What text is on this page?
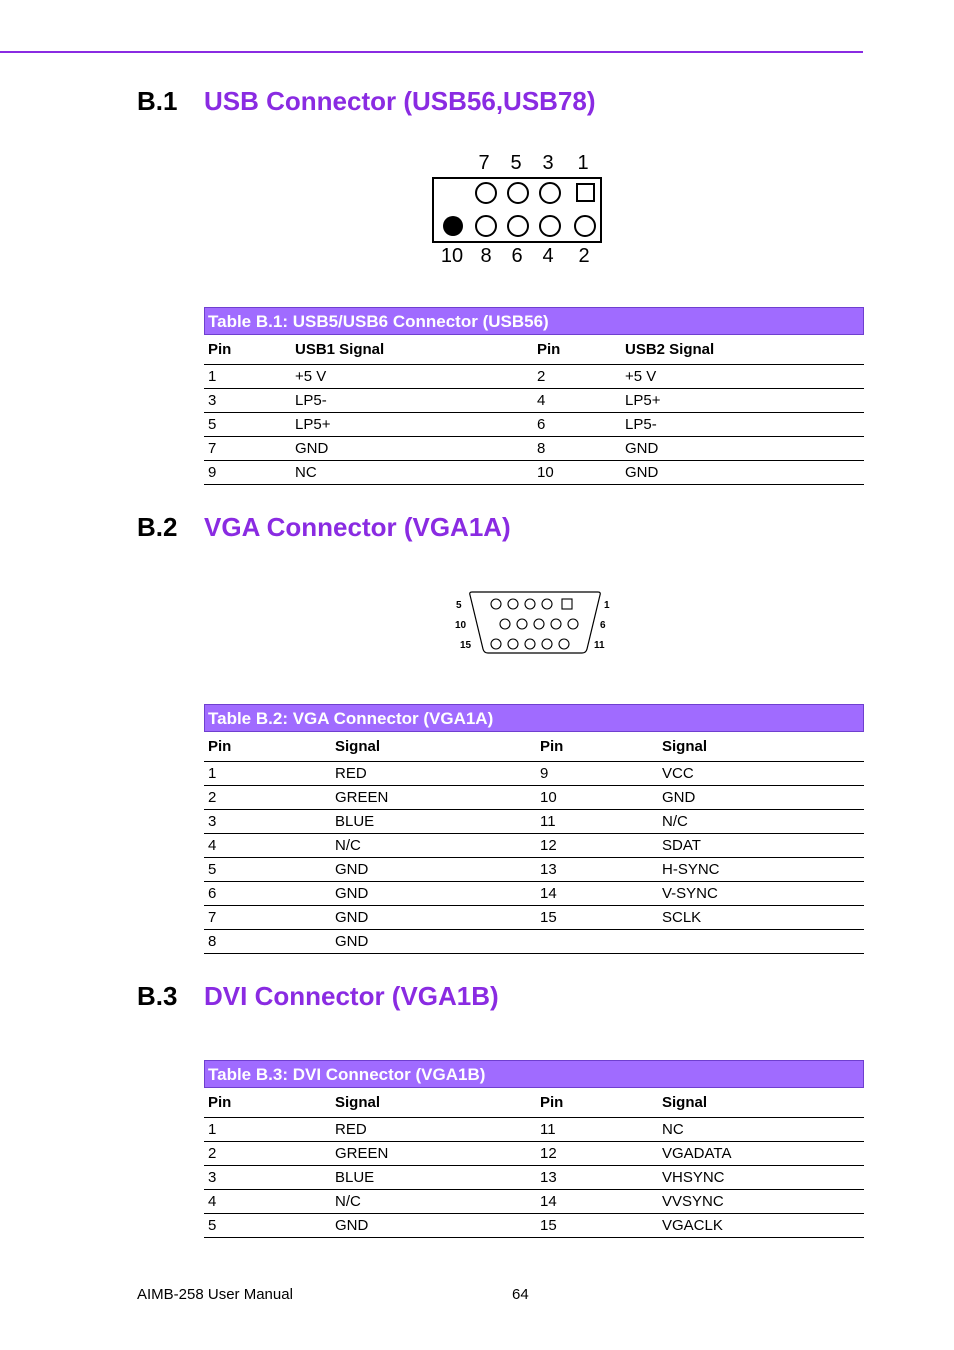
B.1 USB Connector (USB56,USB78)
7 5 3 1
10 8 6 4 2
Table B.1: USB5/USB6 Connector (USB56)
Pin	USB1 Signal	Pin	USB2 Signal
1	+5 V	2	+5 V
3	LP5-	4	LP5+
5	LP5+	6	LP5-
7	GND	8	GND
9	NC	10	GND
B.2 VGA Connector (VGA1A)
5
10
15
1
6
11
Table B.2: VGA Connector (VGA1A)
Pin	Signal	Pin	Signal
1	RED	9	VCC
2	GREEN	10	GND
3	BLUE	11	N/C
4	N/C	12	SDAT
5	GND	13	H-SYNC
6	GND	14	V-SYNC
7	GND	15	SCLK
8	GND		
B.3 DVI Connector (VGA1B)
Table B.3: DVI Connector (VGA1B)
Pin	Signal	Pin	Signal
1	RED	11	NC
2	GREEN	12	VGADATA
3	BLUE	13	VHSYNC
4	N/C	14	VVSYNC
5	GND	15	VGACLK
AIMB-258 User Manual	64
